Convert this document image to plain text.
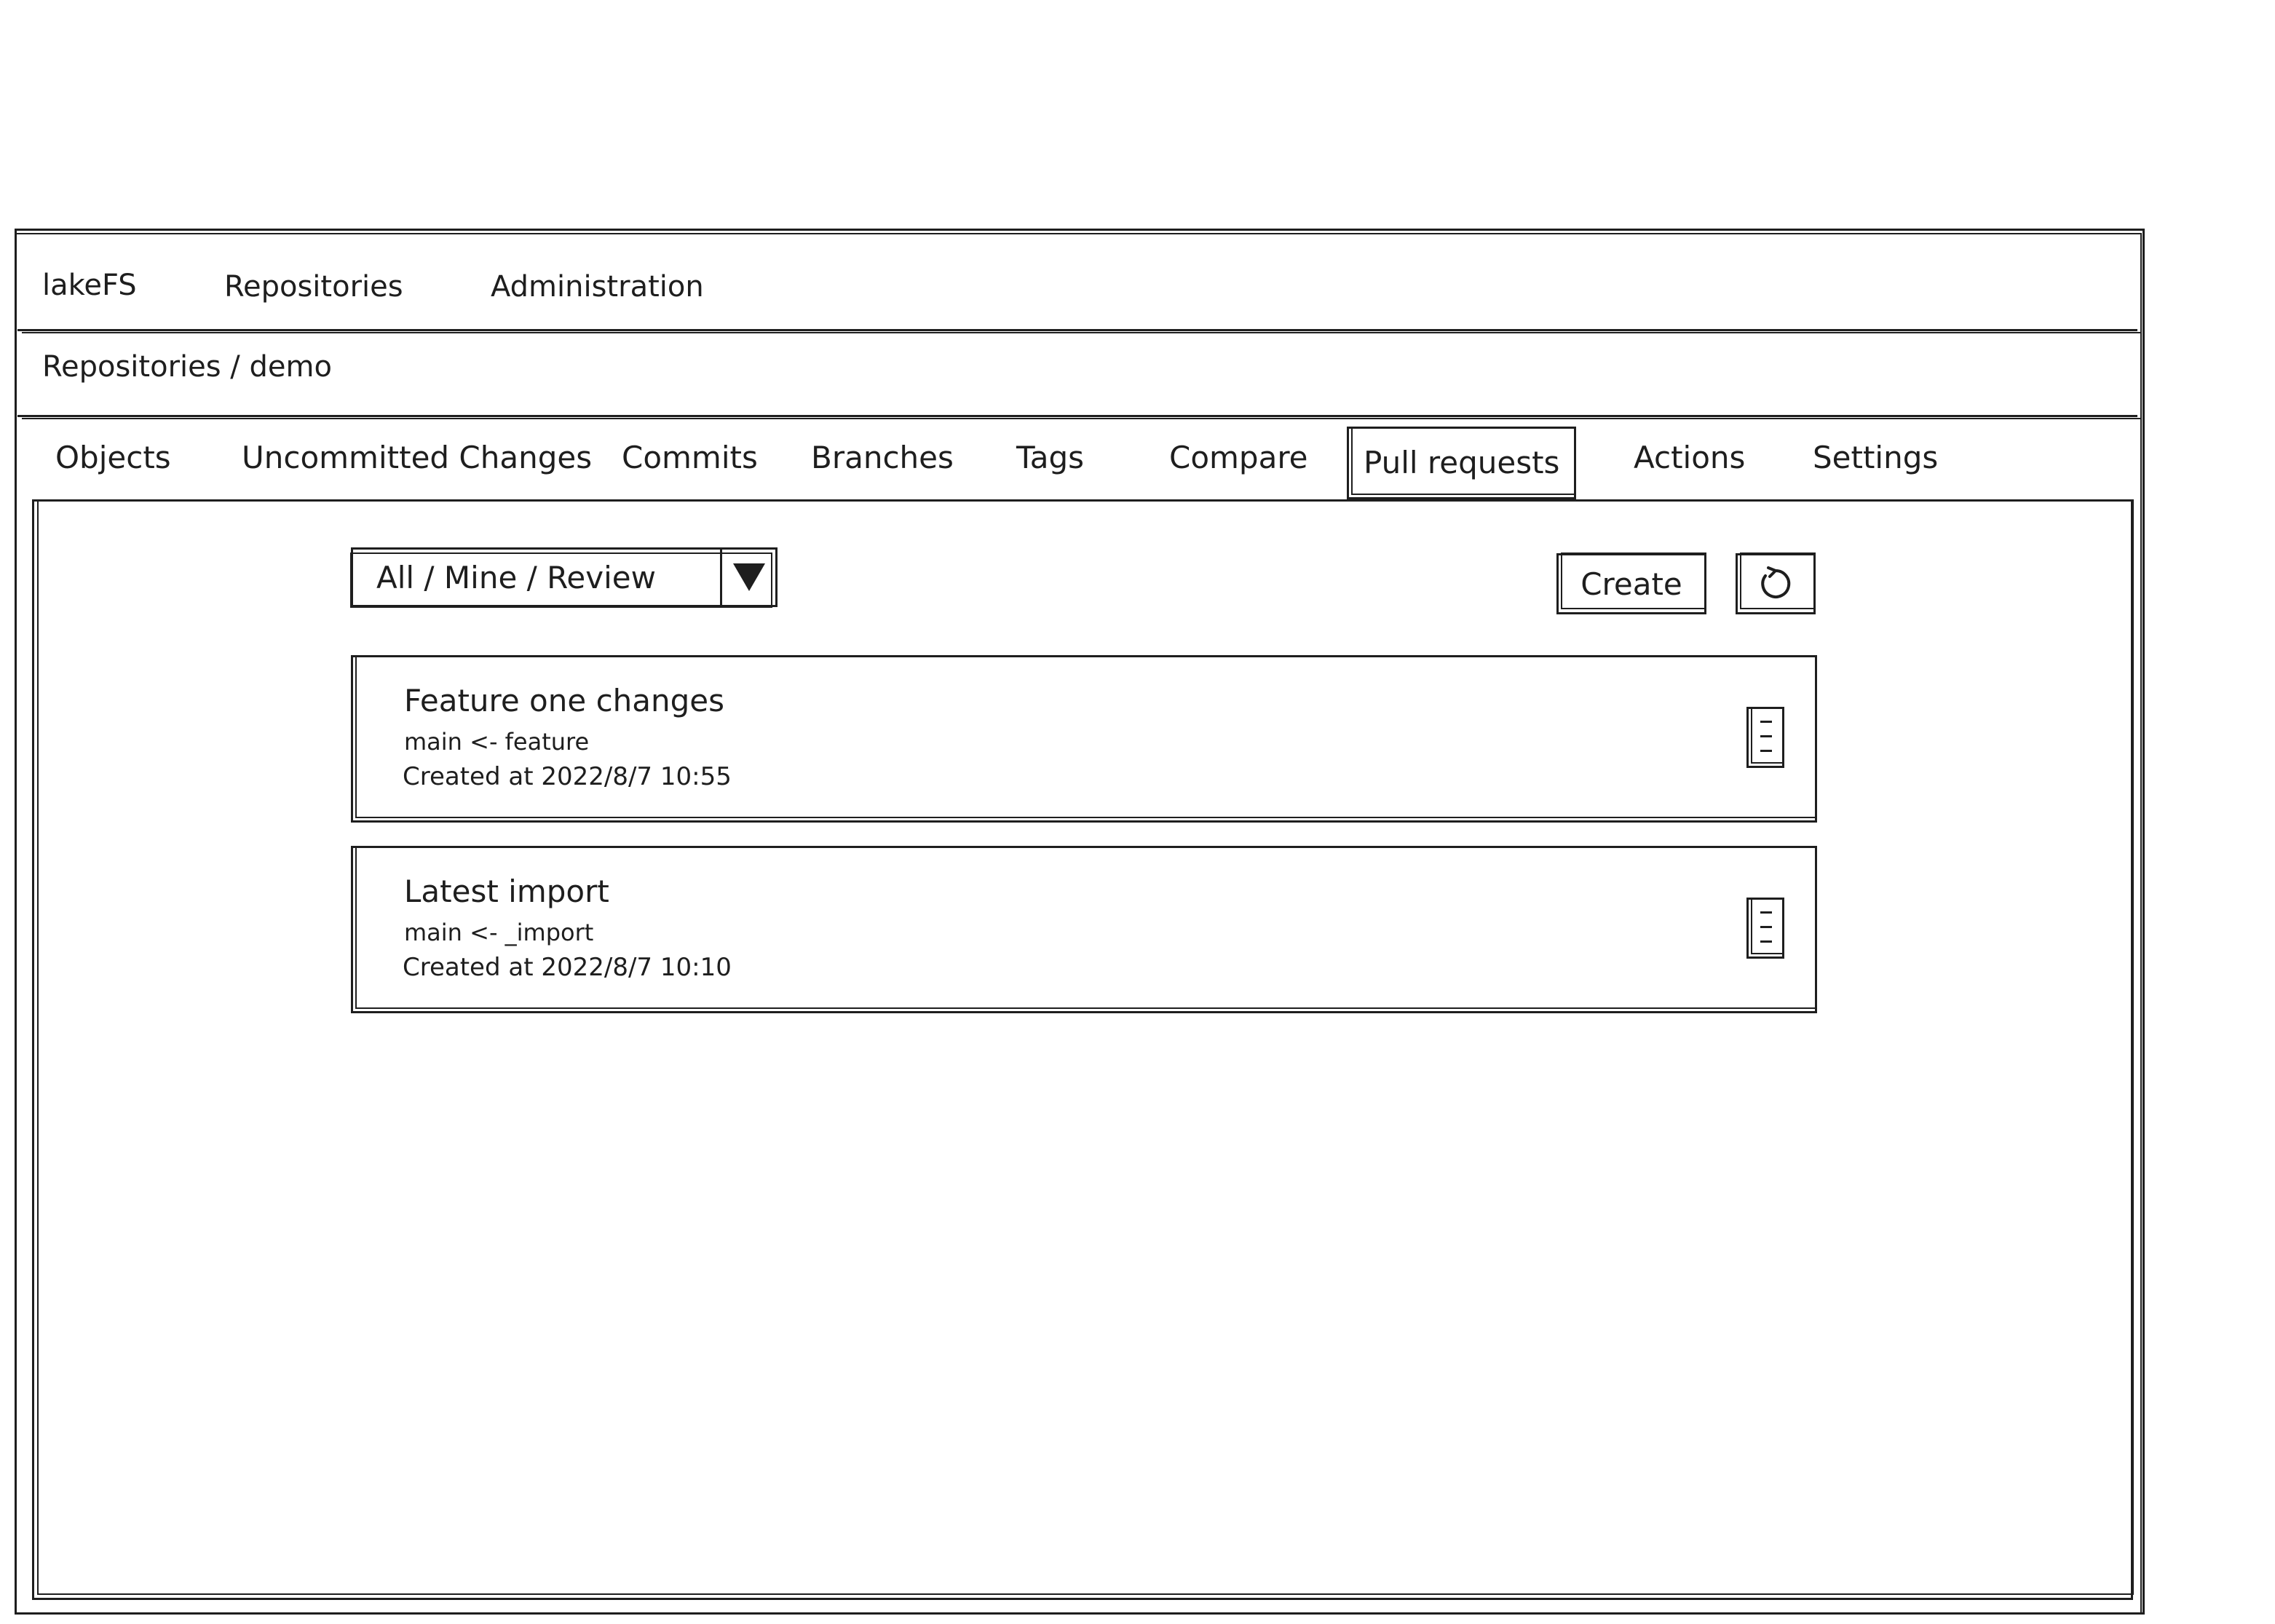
lakeFS	Repositories	Administration
Repositories / demo
Objects Uncommitted Changes Commits Branches Tags	Compare	Pull requests	Actions Settings
All / Mine / Review	Create
Feature one changes
main <- feature
Created at 2022/8/7 10:55
Latest import
main <- _import
Created at 2022/8/7 10:10
